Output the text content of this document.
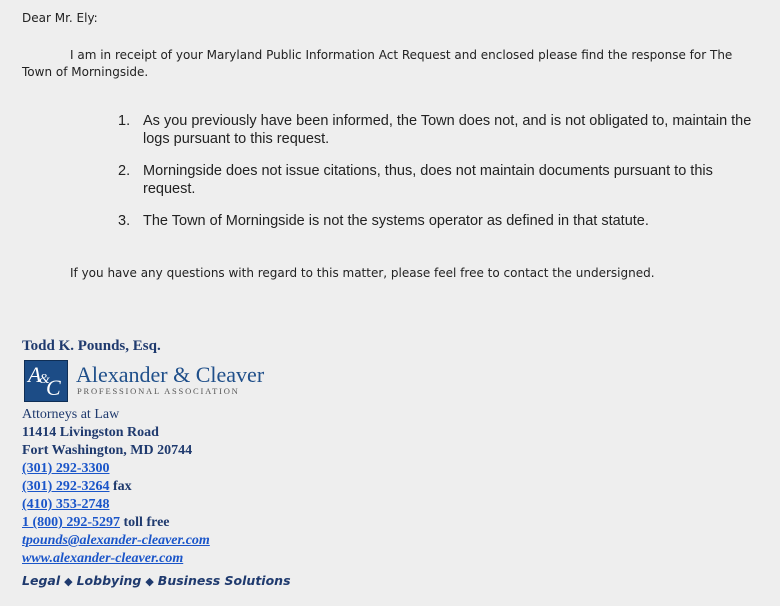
Dear Mr. Ely:

I am in receipt of your Maryland Public Information Act Request and enclosed please find the response for The Town of Morningside.

1. As you previously have been informed, the Town does not, and is not obligated to, maintain the logs pursuant to this request.
2. Morningside does not issue citations, thus, does not maintain documents pursuant to this request.
3. The Town of Morningside is not the systems operator as defined in that statute.
If you have any questions with regard to this matter, please feel free to contact the undersigned.
Todd K. Pounds, Esq.
A
&
C
Alexander & Cleaver
PROFESSIONAL ASSOCIATION
Attorneys at Law
11414 Livingston Road
Fort Washington, MD 20744
(301) 292-3300
(301) 292-3264 fax
(410) 353-2748
1 (800) 292-5297 toll free
tpounds@alexander-cleaver.com
www.alexander-cleaver.com
Legal ◆ Lobbying ◆ Business Solutions
